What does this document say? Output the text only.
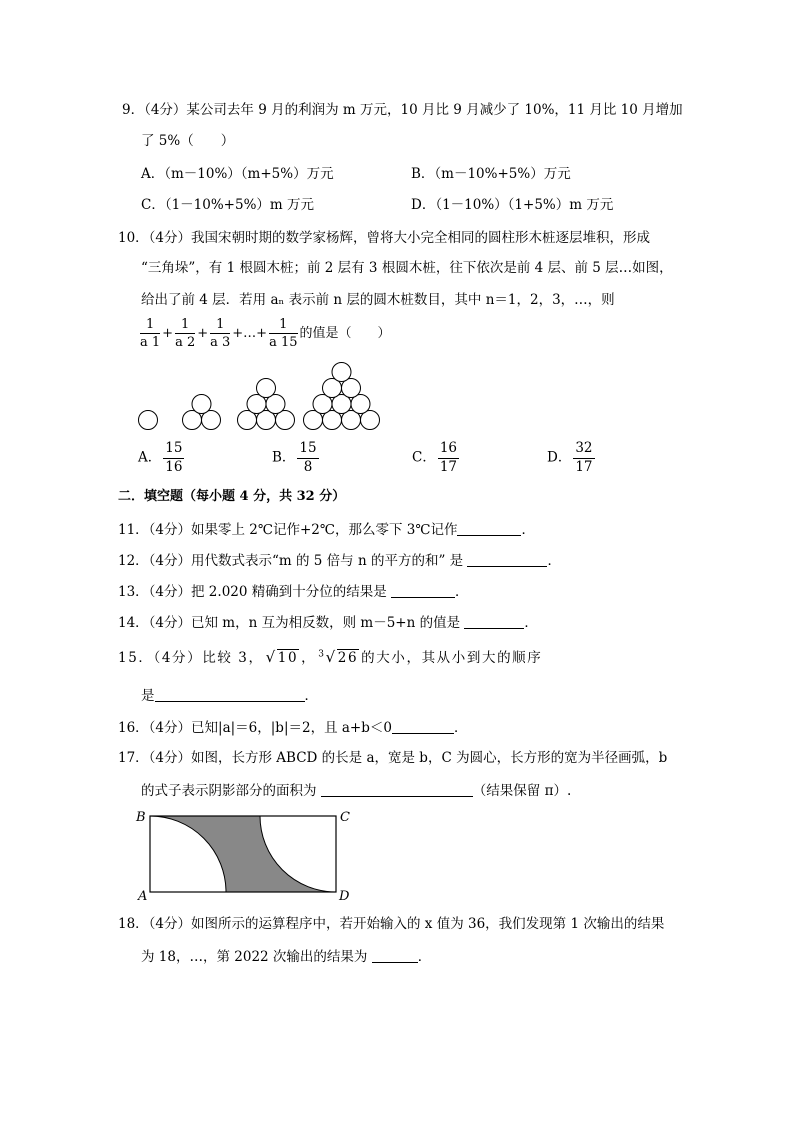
9．（4分）某公司去年 9 月的利润为 m 万元，10 月比 9 月减少了 10%，11 月比 10 月增加
了 5%（　　）
A．（m－10%）（m+5%）万元	B．（m－10%+5%）万元
C．（1－10%+5%）m 万元	D．（1－10%）（1+5%）m 万元
10．（4分）我国宋朝时期的数学家杨辉，曾将大小完全相同的圆柱形木桩逐层堆积，形成
“三角垛”，有 1 根圆木桩；前 2 层有 3 根圆木桩，往下依次是前 4 层、前 5 层…如图，
给出了前 4 层．若用 aₙ 表示前 n 层的圆木桩数目，其中 n＝1，2，3，…，则
$\frac{1}{a 1} + \frac{1}{a 2} + \frac{1}{a 3}$ +…+ $\frac{1}{a 15}$ 的值是（　　）
A． $\frac{15}{16}$	B． $\frac{15}{8}$	C． $\frac{16}{17}$	D． $\frac{32}{17}$
二．填空题（每小题 4 分，共 32 分）
11．（4分）如果零上 2℃记作+2℃，那么零下 3℃记作	．
12．（4分）用代数式表示“m 的 5 倍与 n 的平方的和” 是	．
13．（4分）把 2.020 精确到十分位的结果是	．
14．（4分）已知 m，n 互为相反数，则 m－5+n 的值是	．
15．（4分）比较 3， √10 ， $^3$√26 的大小，其从小到大的顺序
是	．
16．（4分）已知|a|＝6，|b|＝2，且 a+b＜0	．
17．（4分）如图，长方形 ABCD 的长是 a，宽是 b，C 为圆心，长方形的宽为半径画弧，b
的式子表示阴影部分的面积为	（结果保留 π）.
B	C
A	D
18．（4分）如图所示的运算程序中，若开始输入的 x 值为 36，我们发现第 1 次输出的结果
为 18，…，第 2022 次输出的结果为	．
